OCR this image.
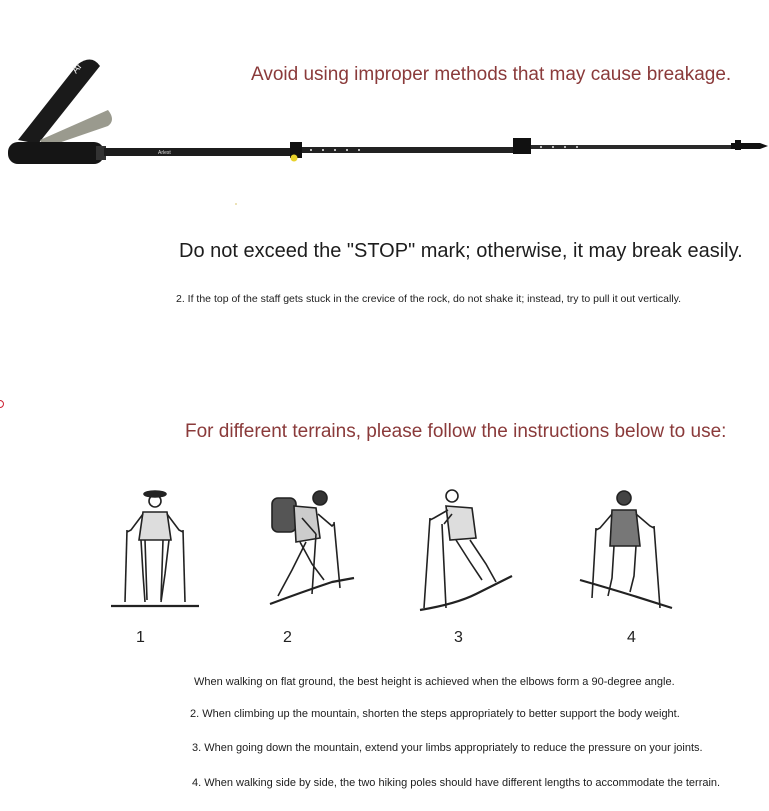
Ar
Arlest
Avoid using improper methods that may cause breakage.
Do not exceed the "STOP" mark; otherwise, it may break easily.
2. If the top of the staff gets stuck in the crevice of the rock, do not shake it; instead, try to pull it out vertically.
For different terrains, please follow the instructions below to use:
1	2	3	4
When walking on flat ground, the best height is achieved when the elbows form a 90-degree angle.
2. When climbing up the mountain, shorten the steps appropriately to better support the body weight.
3. When going down the mountain, extend your limbs appropriately to reduce the pressure on your joints.
4. When walking side by side, the two hiking poles should have different lengths to accommodate the terrain.
